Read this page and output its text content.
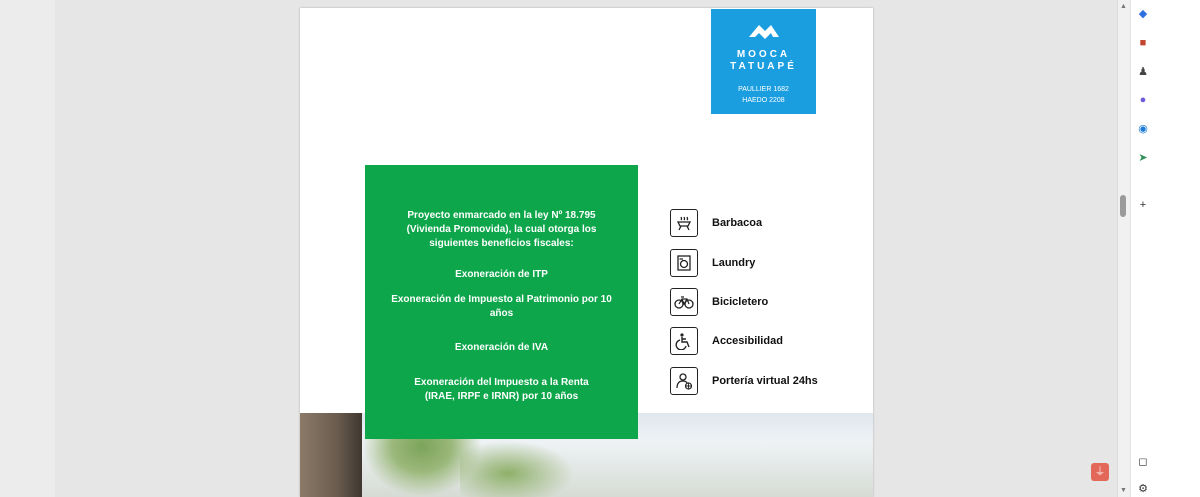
MOOCA
TATUAPÉ
PAULLIER 1682
HAEDO 2208
Proyecto enmarcado en la ley Nº 18.795 (Vivienda Promovida), la cual otorga los siguientes beneficios fiscales:
Exoneración de ITP
Exoneración de Impuesto al Patrimonio por 10 años
Exoneración de IVA
Exoneración del Impuesto a la Renta (IRAE, IRPF e IRNR) por 10 años
Barbacoa
Laundry
Bicicletero
Accesibilidad
Portería virtual 24hs
⏚
▲
▼
◆
■
♟
●
◉
➤
+
◻
⚙
